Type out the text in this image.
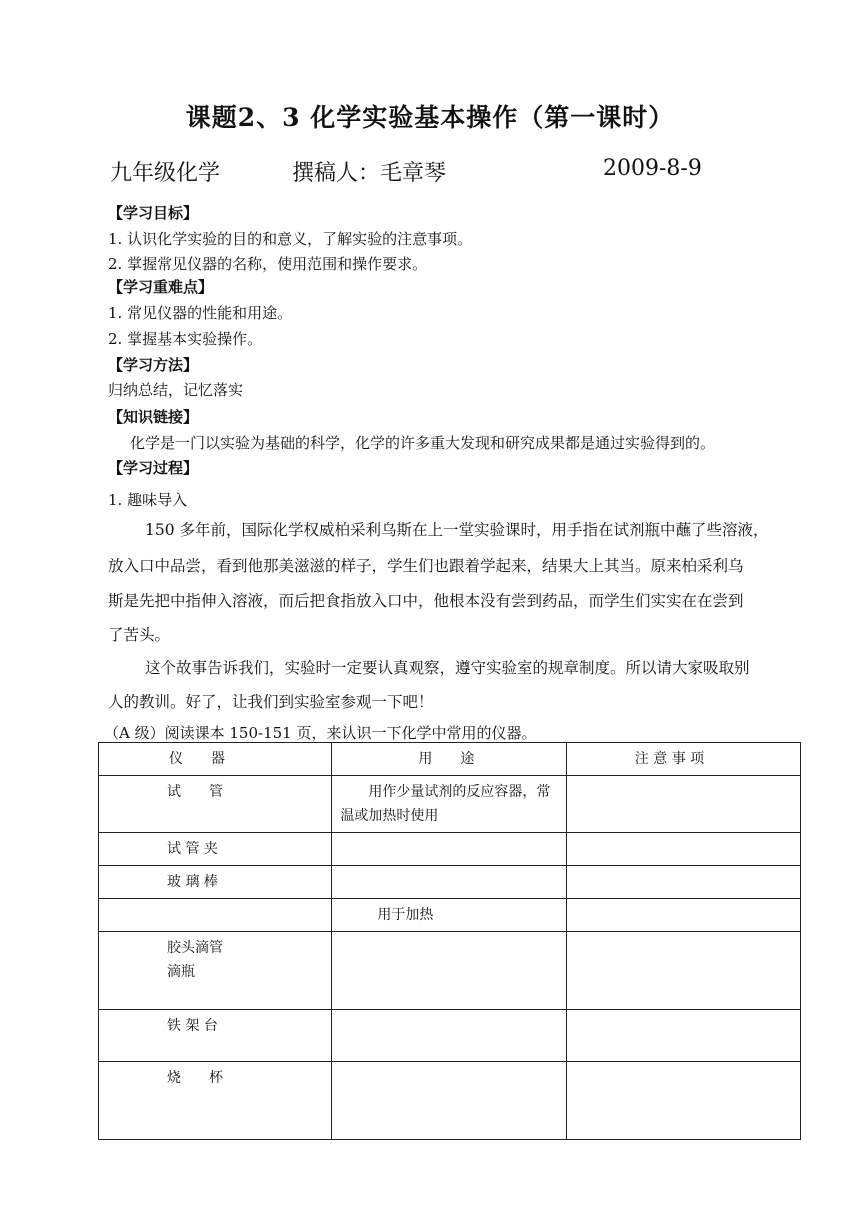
课题2、3 化学实验基本操作（第一课时）
九年级化学	撰稿人：毛章琴	2009-8-9
【学习目标】
1. 认识化学实验的目的和意义，了解实验的注意事项。
2. 掌握常见仪器的名称，使用范围和操作要求。
【学习重难点】
1. 常见仪器的性能和用途。
2. 掌握基本实验操作。
【学习方法】
归纳总结，记忆落实
【知识链接】
化学是一门以实验为基础的科学，化学的许多重大发现和研究成果都是通过实验得到的。
【学习过程】
1. 趣味导入
150 多年前，国际化学权威柏采利乌斯在上一堂实验课时，用手指在试剂瓶中蘸了些溶液，
放入口中品尝，看到他那美滋滋的样子，学生们也跟着学起来，结果大上其当。原来柏采利乌
斯是先把中指伸入溶液，而后把食指放入口中，他根本没有尝到药品，而学生们实实在在尝到
了苦头。
这个故事告诉我们，实验时一定要认真观察，遵守实验室的规章制度。所以请大家吸取别
人的教训。好了，让我们到实验室参观一下吧！
（A 级）阅读课本 150-151 页，来认识一下化学中常用的仪器。
仪　　器	用　　途	注 意 事 项

试　　管	用作少量试剂的反应容器，常
温或加热时使用	

试 管 夹		

玻 璃 棒		

	用于加热	

胶头滴管
滴瓶		

铁 架 台		

烧　　杯		
